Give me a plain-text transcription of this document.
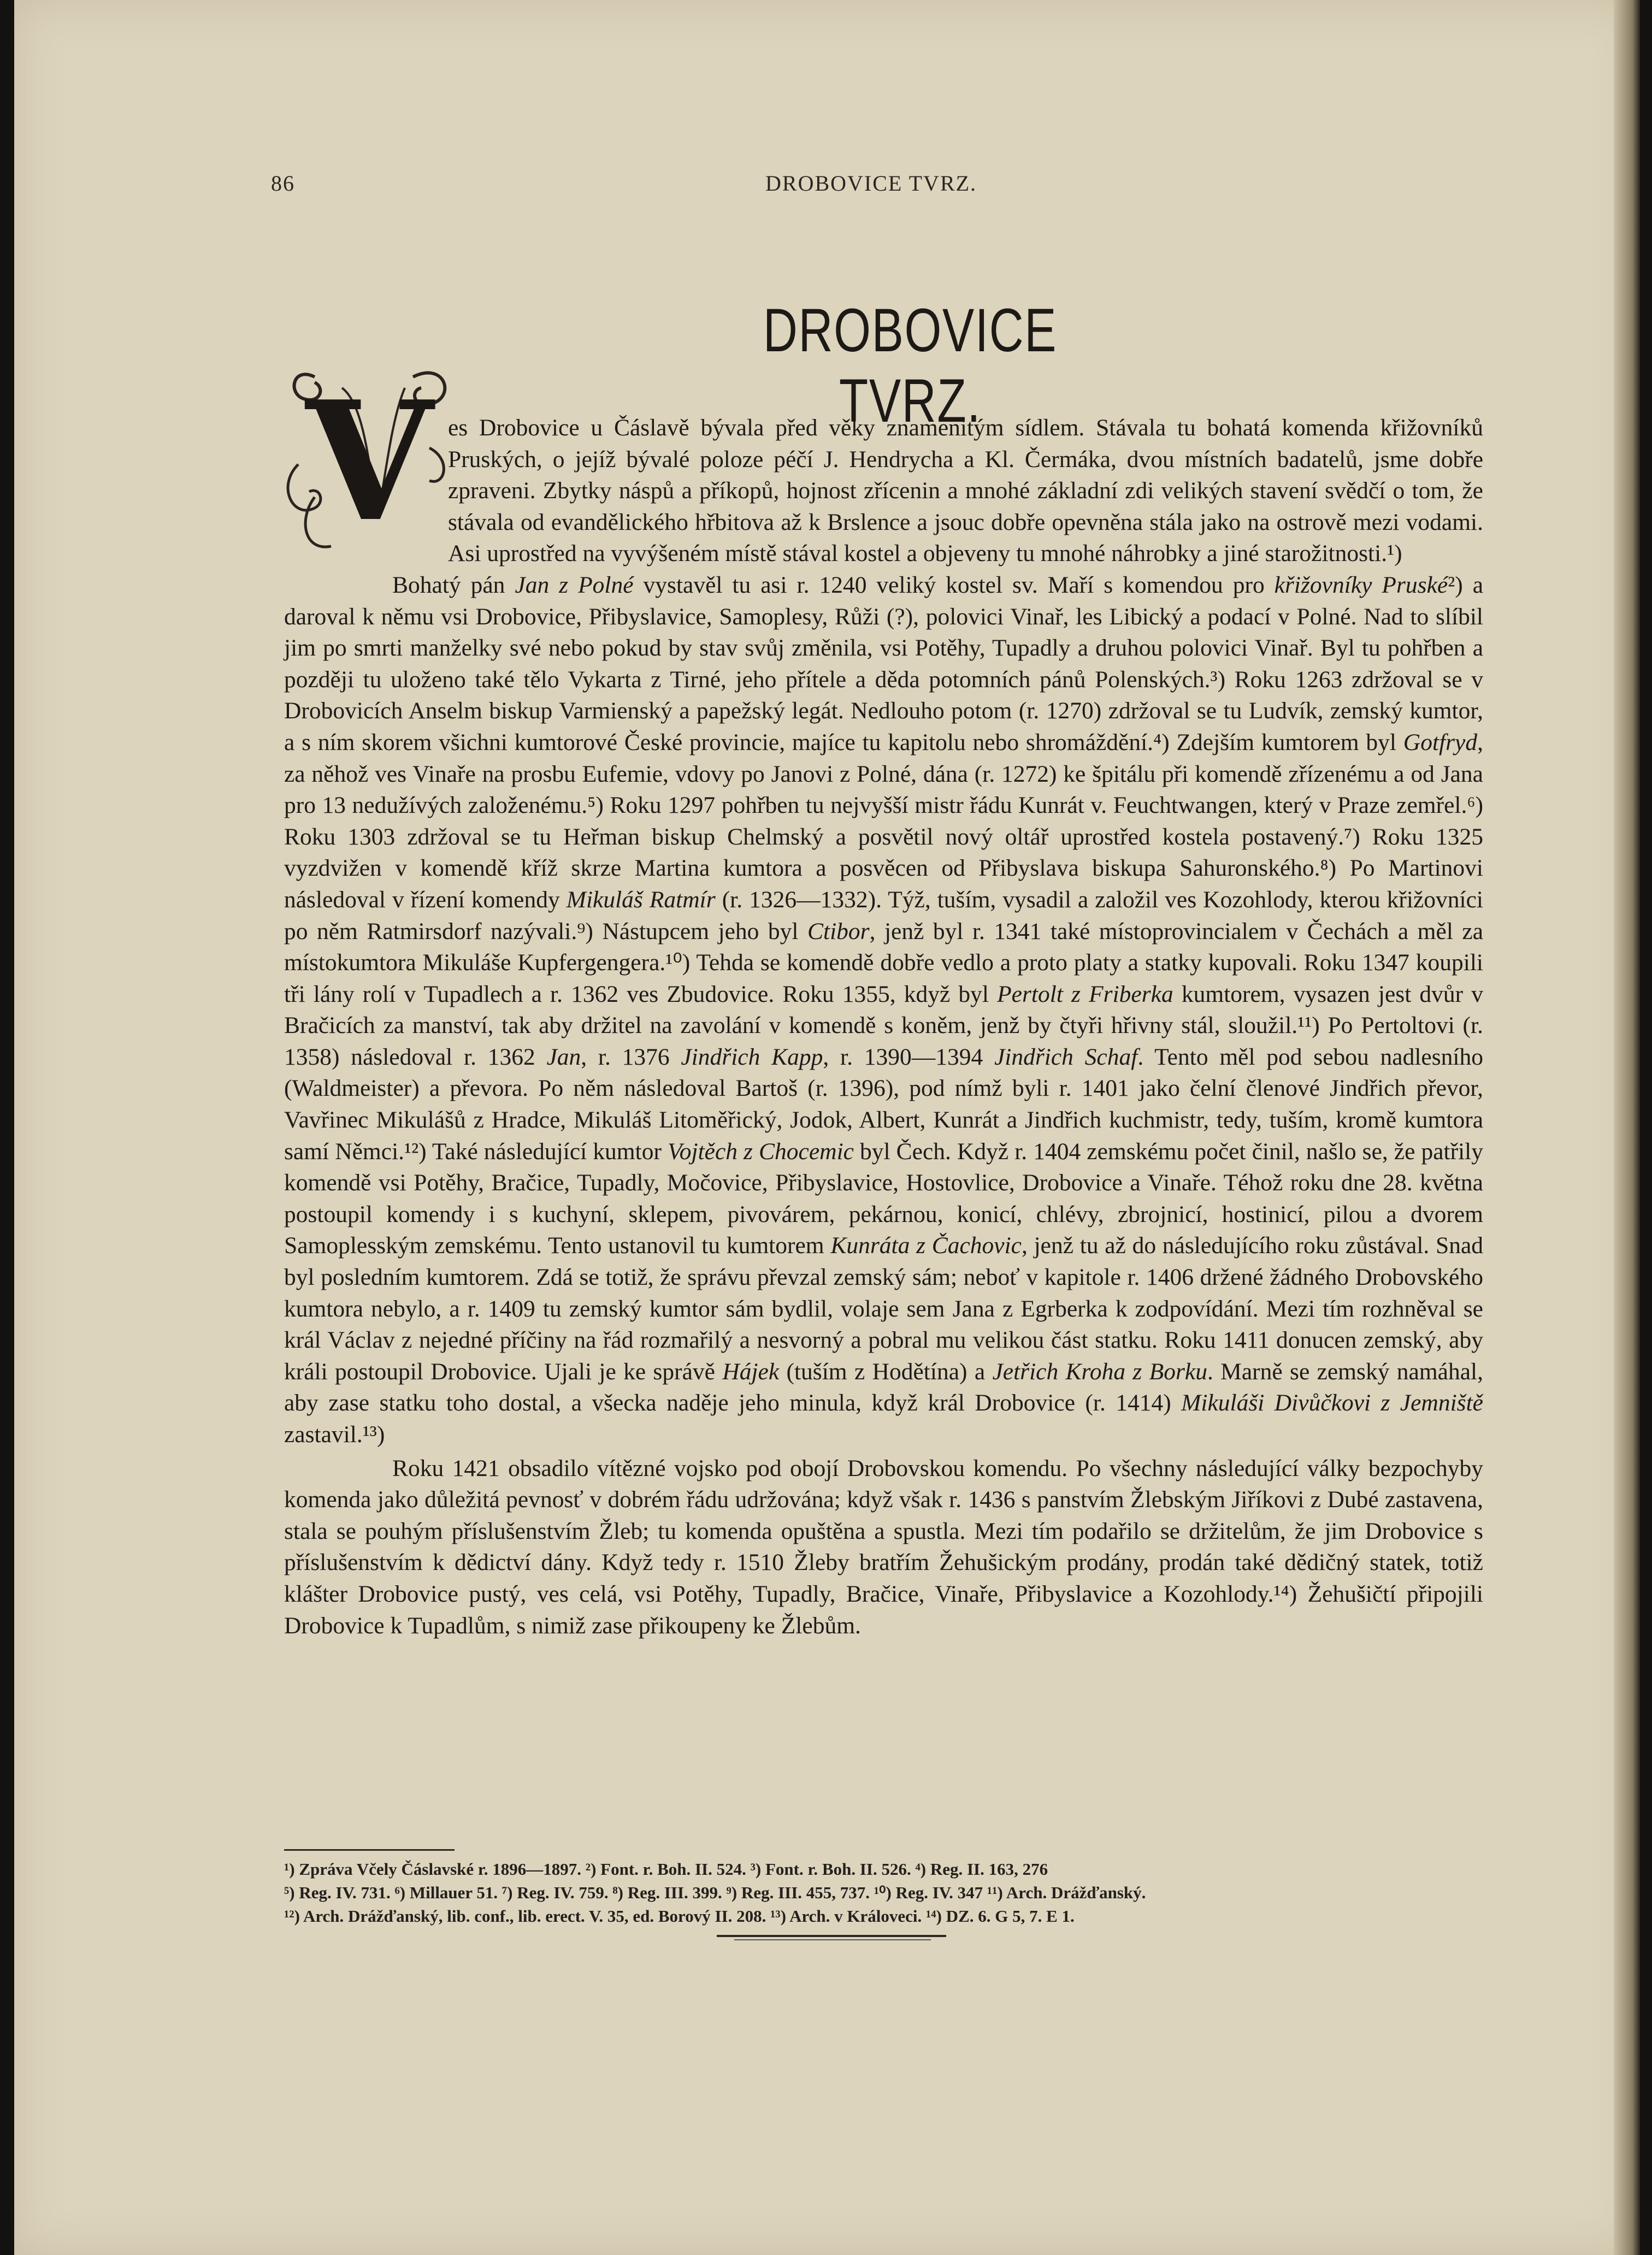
86	DROBOVICE TVRZ.
DROBOVICE TVRZ.
V es Drobovice u Čáslavě bývala před věky znamenitým sídlem. Stávala tu bohatá komenda křižovníků Pruských, o jejíž bývalé poloze péčí J. Hendrycha a Kl. Čermáka, dvou místních badatelů, jsme dobře zpraveni. Zbytky náspů a příkopů, hojnost zřícenin a mnohé základní zdi velikých stavení svědčí o tom, že stávala od evandělického hřbitova až k Brslence a jsouc dobře opevněna stála jako na ostrově mezi vodami. Asi uprostřed na vyvýšeném místě stával kostel a objeveny tu mnohé náhrobky a jiné starožitnosti.¹)

Bohatý pán Jan z Polné vystavěl tu asi r. 1240 veliký kostel sv. Maří s komendou pro křižovníky Pruské²) a daroval k němu vsi Drobovice, Přibyslavice, Samoplesy, Růži (?), polovici Vinař, les Libický a podací v Polné. Nad to slíbil jim po smrti manželky své nebo pokud by stav svůj změnila, vsi Potěhy, Tupadly a druhou polovici Vinař. Byl tu pohřben a později tu uloženo také tělo Vykarta z Tirné, jeho přítele a děda potomních pánů Polenských.³) Roku 1263 zdržoval se v Drobovicích Anselm biskup Varmienský a papežský legát. Nedlouho potom (r. 1270) zdržoval se tu Ludvík, zemský kumtor, a s ním skorem všichni kumtorové České provincie, majíce tu kapitolu nebo shromáždění.⁴) Zdejším kumtorem byl Gotfryd, za něhož ves Vinaře na prosbu Eufemie, vdovy po Janovi z Polné, dána (r. 1272) ke špitálu při komendě zřízenému a od Jana pro 13 nedužívých založenému.⁵) Roku 1297 pohřben tu nejvyšší mistr řádu Kunrát v. Feuchtwangen, který v Praze zemřel.⁶) Roku 1303 zdržoval se tu Heřman biskup Chelmský a posvětil nový oltář uprostřed kostela postavený.⁷) Roku 1325 vyzdvižen v komendě kříž skrze Martina kumtora a posvěcen od Přibyslava biskupa Sahuronského.⁸) Po Martinovi následoval v řízení komendy Mikuláš Ratmír (r. 1326—1332). Týž, tuším, vysadil a založil ves Kozohlody, kterou křižovníci po něm Ratmirsdorf nazývali.⁹) Nástupcem jeho byl Ctibor, jenž byl r. 1341 také místoprovincialem v Čechách a měl za místokumtora Mikuláše Kupfergengera.¹⁰) Tehda se komendě dobře vedlo a proto platy a statky kupovali. Roku 1347 koupili tři lány rolí v Tupadlech a r. 1362 ves Zbudovice. Roku 1355, když byl Pertolt z Friberka kumtorem, vysazen jest dvůr v Bračicích za manství, tak aby držitel na zavolání v komendě s koněm, jenž by čtyři hřivny stál, sloužil.¹¹) Po Pertoltovi (r. 1358) následoval r. 1362 Jan, r. 1376 Jindřich Kapp, r. 1390—1394 Jindřich Schaf. Tento měl pod sebou nadlesního (Waldmeister) a převora. Po něm následoval Bartoš (r. 1396), pod nímž byli r. 1401 jako čelní členové Jindřich převor, Vavřinec Mikulášů z Hradce, Mikuláš Litoměřický, Jodok, Albert, Kunrát a Jindřich kuchmistr, tedy, tuším, kromě kumtora samí Němci.¹²) Také následující kumtor Vojtěch z Chocemic byl Čech. Když r. 1404 zemskému počet činil, našlo se, že patřily komendě vsi Potěhy, Bračice, Tupadly, Močovice, Přibyslavice, Hostovlice, Drobovice a Vinaře. Téhož roku dne 28. května postoupil komendy i s kuchyní, sklepem, pivovárem, pekárnou, konicí, chlévy, zbrojnicí, hostinicí, pilou a dvorem Samoplesským zemskému. Tento ustanovil tu kumtorem Kunráta z Čachovic, jenž tu až do následujícího roku zůstával. Snad byl posledním kumtorem. Zdá se totiž, že správu převzal zemský sám; neboť v kapitole r. 1406 držené žádného Drobovského kumtora nebylo, a r. 1409 tu zemský kumtor sám bydlil, volaje sem Jana z Egrberka k zodpovídání. Mezi tím rozhněval se král Václav z nejedné příčiny na řád rozmařilý a nesvorný a pobral mu velikou část statku. Roku 1411 donucen zemský, aby králi postoupil Drobovice. Ujali je ke správě Hájek (tuším z Hodětína) a Jetřich Kroha z Borku. Marně se zemský namáhal, aby zase statku toho dostal, a všecka naděje jeho minula, když král Drobovice (r. 1414) Mikuláši Divůčkovi z Jemniště zastavil.¹³)

Roku 1421 obsadilo vítězné vojsko pod obojí Drobovskou komendu. Po všechny následující války bezpochyby komenda jako důležitá pevnosť v dobrém řádu udržována; když však r. 1436 s panstvím Žlebským Jiříkovi z Dubé zastavena, stala se pouhým příslušenstvím Žleb; tu komenda opuštěna a spustla. Mezi tím podařilo se držitelům, že jim Drobovice s příslušenstvím k dědictví dány. Když tedy r. 1510 Žleby bratřím Žehušickým prodány, prodán také dědičný statek, totiž klášter Drobovice pustý, ves celá, vsi Potěhy, Tupadly, Bračice, Vinaře, Přibyslavice a Kozohlody.¹⁴) Žehušičtí připojili Drobovice k Tupadlům, s nimiž zase přikoupeny ke Žlebům.

¹) Zpráva Včely Čáslavské r. 1896—1897. ²) Font. r. Boh. II. 524. ³) Font. r. Boh. II. 526. ⁴) Reg. II. 163, 276
⁵) Reg. IV. 731. ⁶) Millauer 51. ⁷) Reg. IV. 759. ⁸) Reg. III. 399. ⁹) Reg. III. 455, 737. ¹⁰) Reg. IV. 347 ¹¹) Arch. Drážďanský.
¹²) Arch. Drážďanský, lib. conf., lib. erect. V. 35, ed. Borový II. 208. ¹³) Arch. v Královeci. ¹⁴) DZ. 6. G 5, 7. E 1.
